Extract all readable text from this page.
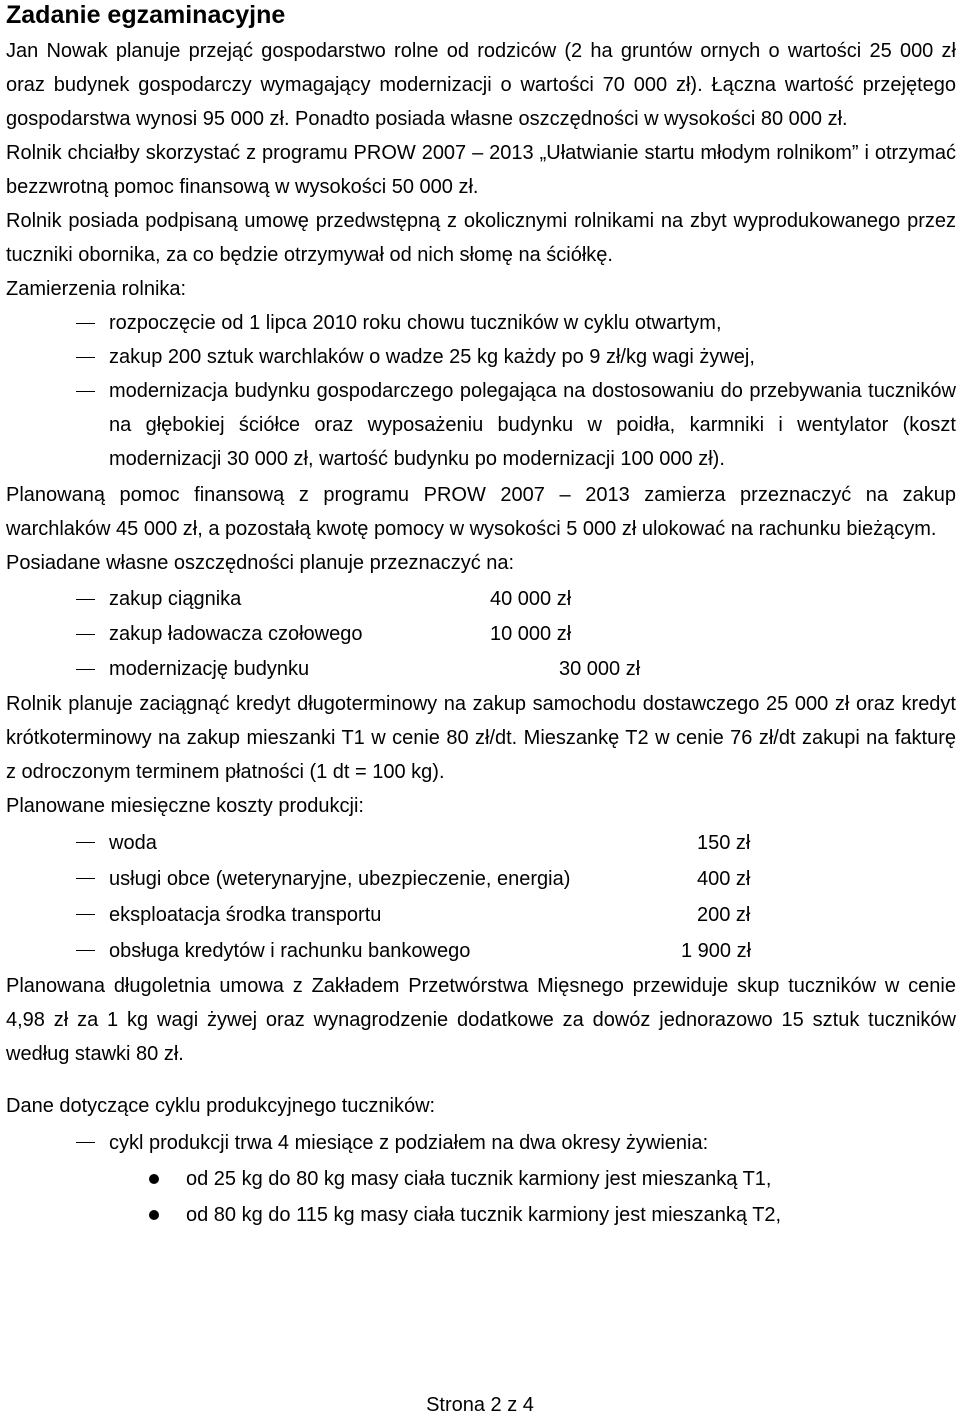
Zadanie egzaminacyjne

Jan Nowak planuje przejąć gospodarstwo rolne od rodziców (2 ha gruntów ornych o wartości 25 000 zł oraz budynek gospodarczy wymagający modernizacji o wartości 70 000 zł). Łączna wartość przejętego gospodarstwa wynosi 95 000 zł. Ponadto posiada własne oszczędności w wysokości 80 000 zł.

Rolnik chciałby skorzystać z programu PROW 2007 – 2013 „Ułatwianie startu młodym rolnikom” i otrzymać bezzwrotną pomoc finansową w wysokości 50 000 zł.

Rolnik posiada podpisaną umowę przedwstępną z okolicznymi rolnikami na zbyt wyprodukowanego przez tuczniki obornika, za co będzie otrzymywał od nich słomę na ściółkę.

Zamierzenia rolnika:

rozpoczęcie od 1 lipca 2010 roku chowu tuczników w cyklu otwartym,
zakup 200 sztuk warchlaków o wadze 25 kg każdy po 9 zł/kg wagi żywej,
modernizacja budynku gospodarczego polegająca na dostosowaniu do przebywania tuczników na głębokiej ściółce oraz wyposażeniu budynku w poidła, karmniki i wentylator (koszt modernizacji 30 000 zł, wartość budynku po modernizacji 100 000 zł).

Planowaną pomoc finansową z programu PROW 2007 – 2013 zamierza przeznaczyć na zakup warchlaków 45 000 zł, a pozostałą kwotę pomocy w wysokości 5 000 zł ulokować na rachunku bieżącym.

Posiadane własne oszczędności planuje przeznaczyć na:

zakup ciągnika	40 000 zł
zakup ładowacza czołowego	10 000 zł
modernizację budynku	30 000 zł

Rolnik planuje zaciągnąć kredyt długoterminowy na zakup samochodu dostawczego 25 000 zł oraz kredyt krótkoterminowy na zakup mieszanki T1 w cenie 80 zł/dt. Mieszankę T2 w cenie 76 zł/dt zakupi na fakturę z odroczonym terminem płatności (1 dt = 100 kg).

Planowane miesięczne koszty produkcji:

woda	150 zł
usługi obce (weterynaryjne, ubezpieczenie, energia)	400 zł
eksploatacja środka transportu	200 zł
obsługa kredytów i rachunku bankowego	1 900 zł

Planowana długoletnia umowa z Zakładem Przetwórstwa Mięsnego przewiduje skup tuczników w cenie 4,98 zł za 1 kg wagi żywej oraz wynagrodzenie dodatkowe za dowóz jednorazowo 15 sztuk tuczników według stawki 80 zł.

Dane dotyczące cyklu produkcyjnego tuczników:

cykl produkcji trwa 4 miesiące z podziałem na dwa okresy żywienia:
od 25 kg do 80 kg masy ciała tucznik karmiony jest mieszanką T1,
od 80 kg do 115 kg masy ciała tucznik karmiony jest mieszanką T2,
Strona 2 z 4
